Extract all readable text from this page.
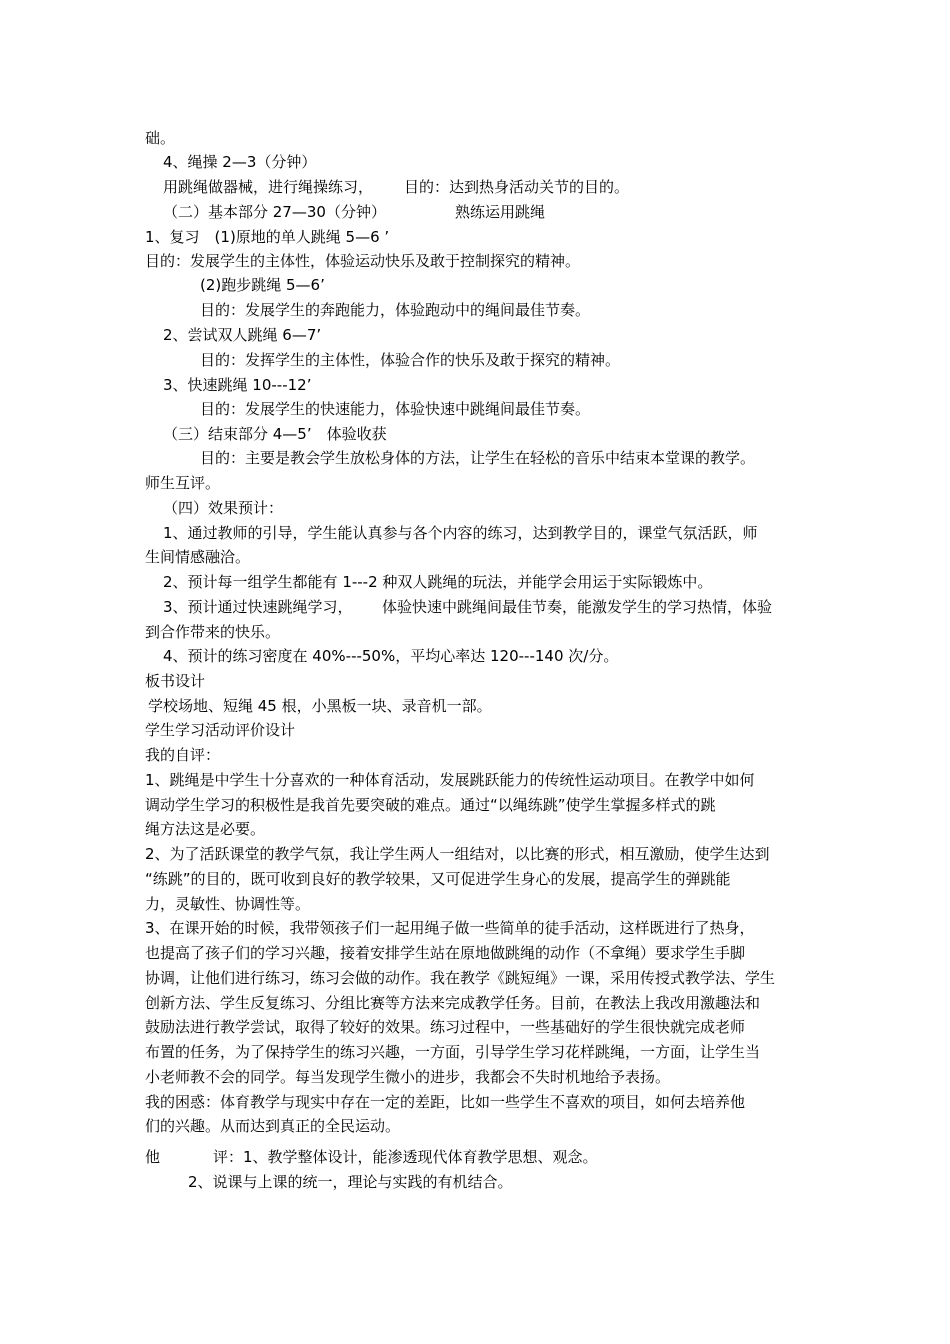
础。
4、绳操 2—3（分钟）
用跳绳做器械，进行绳操练习， 目的：达到热身活动关节的目的。
（二）基本部分 27—30（分钟）	熟练运用跳绳
1、复习　(1)原地的单人跳绳 5—6 ’
目的：发展学生的主体性，体验运动快乐及敢于控制探究的精神。
(2)跑步跳绳 5—6’
目的：发展学生的奔跑能力，体验跑动中的绳间最佳节奏。
2、尝试双人跳绳 6—7’
目的：发挥学生的主体性，体验合作的快乐及敢于探究的精神。
3、快速跳绳 10---12’
目的：发展学生的快速能力，体验快速中跳绳间最佳节奏。
（三）结束部分 4—5’　体验收获
目的：主要是教会学生放松身体的方法，让学生在轻松的音乐中结束本堂课的教学。
师生互评。
（四）效果预计：
1、通过教师的引导，学生能认真参与各个内容的练习，达到教学目的，课堂气氛活跃，师
生间情感融洽。
2、预计每一组学生都能有 1---2 种双人跳绳的玩法，并能学会用运于实际锻炼中。
3、预计通过快速跳绳学习， 体验快速中跳绳间最佳节奏，能激发学生的学习热情，体验
到合作带来的快乐。
4、预计的练习密度在 40%---50%，平均心率达 120---140 次/分。
板书设计
学校场地、短绳 45 根，小黑板一块、录音机一部。
学生学习活动评价设计
我的自评：
1、跳绳是中学生十分喜欢的一种体育活动，发展跳跃能力的传统性运动项目。在教学中如何
调动学生学习的积极性是我首先要突破的难点。通过“以绳练跳”使学生掌握多样式的跳
绳方法这是必要。
2、为了活跃课堂的教学气氛，我让学生两人一组结对，以比赛的形式，相互激励，使学生达到
“练跳”的目的，既可收到良好的教学较果，又可促进学生身心的发展，提高学生的弹跳能
力，灵敏性、协调性等。
3、在课开始的时候，我带领孩子们一起用绳子做一些简单的徒手活动，这样既进行了热身，
也提高了孩子们的学习兴趣，接着安排学生站在原地做跳绳的动作（不拿绳）要求学生手脚
协调，让他们进行练习，练习会做的动作。我在教学《跳短绳》一课，采用传授式教学法、学生
创新方法、学生反复练习、分组比赛等方法来完成教学任务。目前，在教法上我改用激趣法和
鼓励法进行教学尝试，取得了较好的效果。练习过程中，一些基础好的学生很快就完成老师
布置的任务，为了保持学生的练习兴趣，一方面，引导学生学习花样跳绳，一方面，让学生当
小老师教不会的同学。每当发现学生微小的进步，我都会不失时机地给予表扬。
我的困惑：体育教学与现实中存在一定的差距，比如一些学生不喜欢的项目，如何去培养他
们的兴趣。从而达到真正的全民运动。
他	评：1、教学整体设计，能渗透现代体育教学思想、观念。
2、说课与上课的统一，理论与实践的有机结合。
